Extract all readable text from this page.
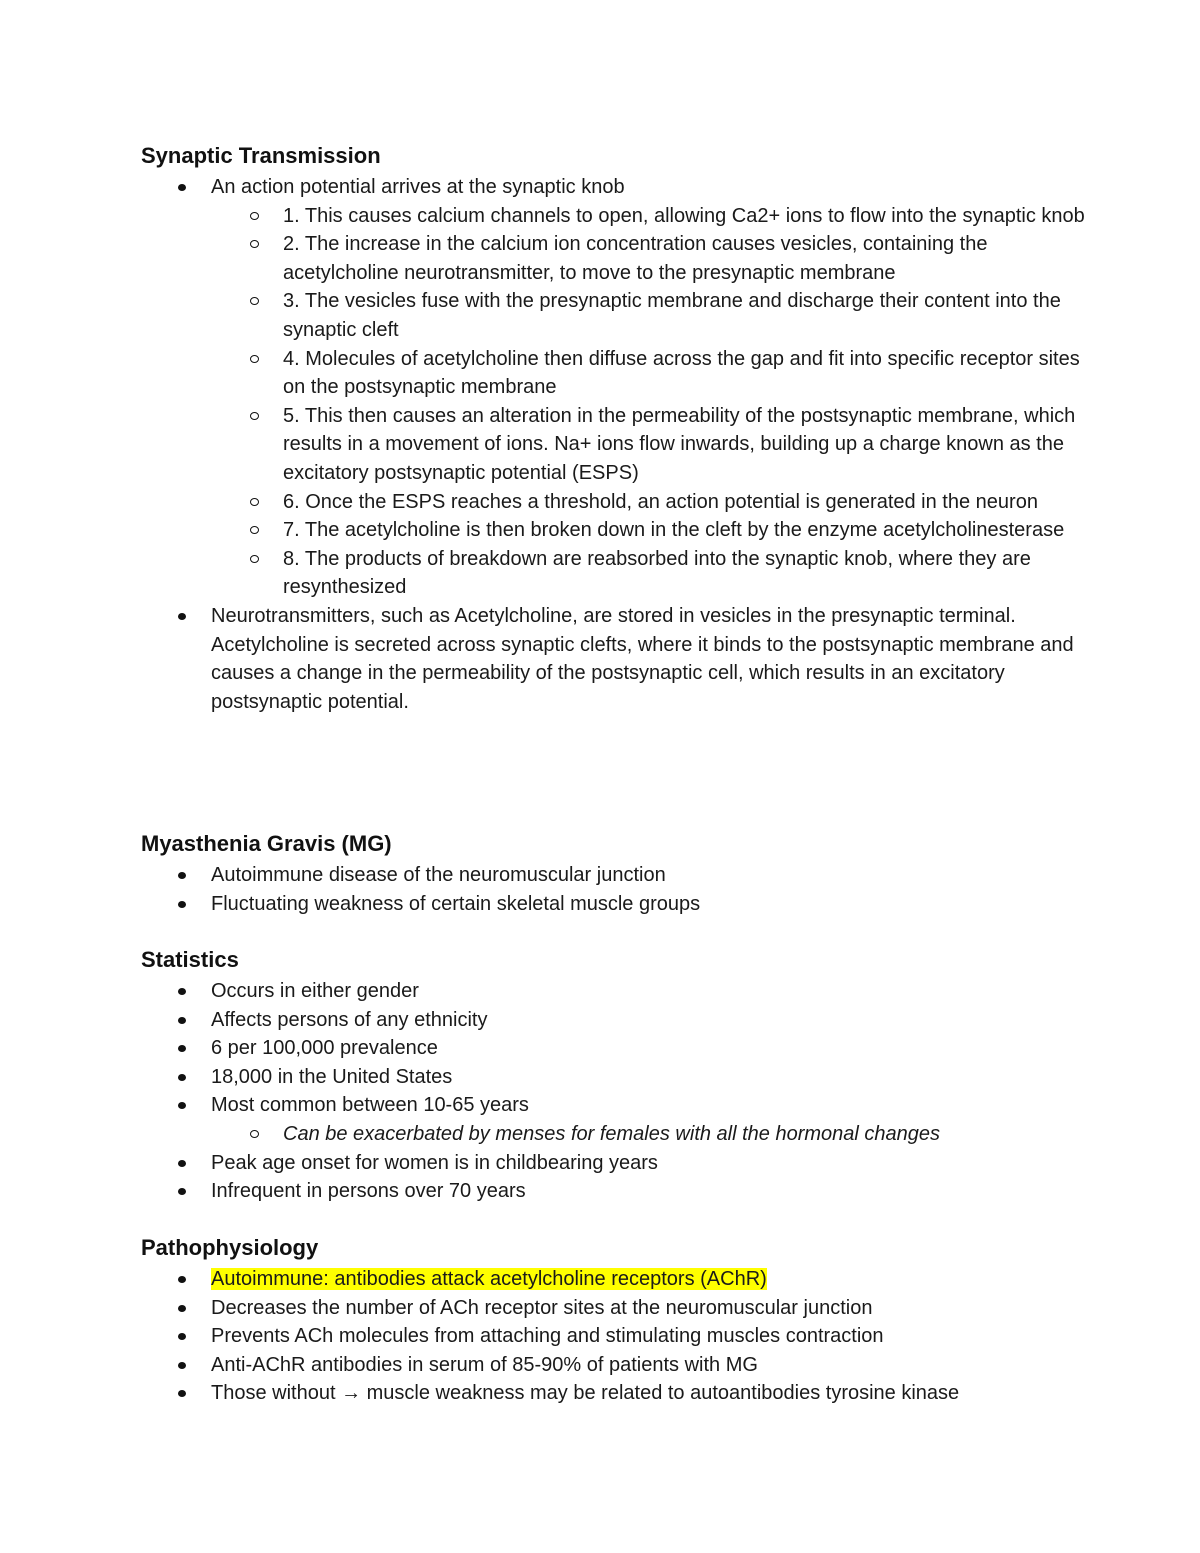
Synaptic Transmission
An action potential arrives at the synaptic knob
1. This causes calcium channels to open, allowing Ca2+ ions to flow into the synaptic knob
2. The increase in the calcium ion concentration causes vesicles, containing the acetylcholine neurotransmitter, to move to the presynaptic membrane
3. The vesicles fuse with the presynaptic membrane and discharge their content into the synaptic cleft
4. Molecules of acetylcholine then diffuse across the gap and fit into specific receptor sites on the postsynaptic membrane
5. This then causes an alteration in the permeability of the postsynaptic membrane, which results in a movement of ions. Na+ ions flow inwards, building up a charge known as the excitatory postsynaptic potential (ESPS)
6. Once the ESPS reaches a threshold, an action potential is generated in the neuron
7. The acetylcholine is then broken down in the cleft by the enzyme acetylcholinesterase
8. The products of breakdown are reabsorbed into the synaptic knob, where they are resynthesized
Neurotransmitters, such as Acetylcholine, are stored in vesicles in the presynaptic terminal. Acetylcholine is secreted across synaptic clefts, where it binds to the postsynaptic membrane and causes a change in the permeability of the postsynaptic cell, which results in an excitatory postsynaptic potential.
Myasthenia Gravis (MG)
Autoimmune disease of the neuromuscular junction
Fluctuating weakness of certain skeletal muscle groups
Statistics
Occurs in either gender
Affects persons of any ethnicity
6 per 100,000 prevalence
18,000 in the United States
Most common between 10-65 years
Can be exacerbated by menses for females with all the hormonal changes
Peak age onset for women is in childbearing years
Infrequent in persons over 70 years
Pathophysiology
Autoimmune: antibodies attack acetylcholine receptors (AChR)
Decreases the number of ACh receptor sites at the neuromuscular junction
Prevents ACh molecules from attaching and stimulating muscles contraction
Anti-AChR antibodies in serum of 85-90% of patients with MG
Those without → muscle weakness may be related to autoantibodies tyrosine kinase
